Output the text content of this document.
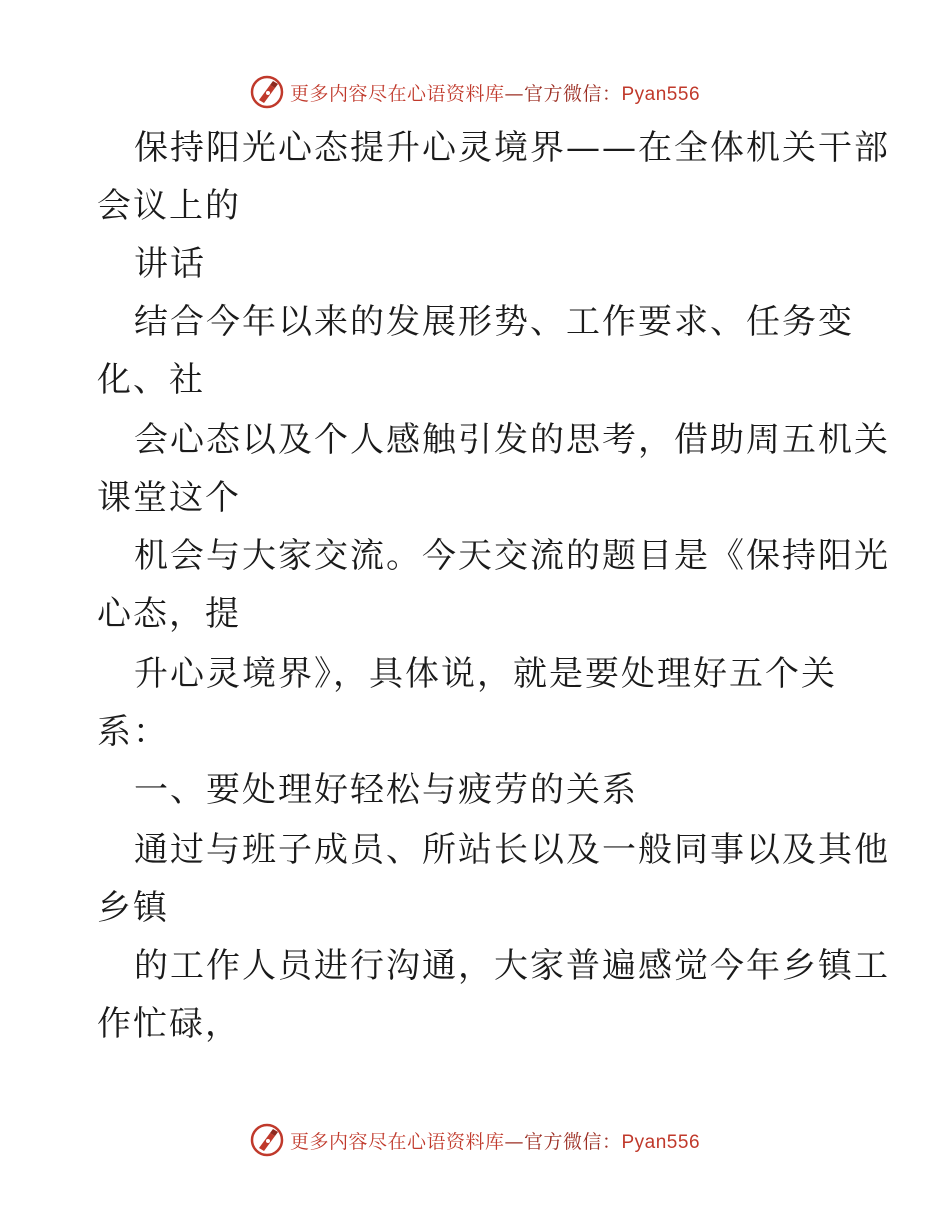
更多内容尽在心语资料库—官方微信：Pyan556
保持阳光心态提升心灵境界——在全体机关干部
会议上的
讲话
结合今年以来的发展形势、工作要求、任务变
化、社
会心态以及个人感触引发的思考，借助周五机关
课堂这个
机会与大家交流。今天交流的题目是《保持阳光
心态，提
升心灵境界》，具体说，就是要处理好五个关
系：
一、要处理好轻松与疲劳的关系
通过与班子成员、所站长以及一般同事以及其他
乡镇
的工作人员进行沟通，大家普遍感觉今年乡镇工
作忙碌，
更多内容尽在心语资料库—官方微信：Pyan556
